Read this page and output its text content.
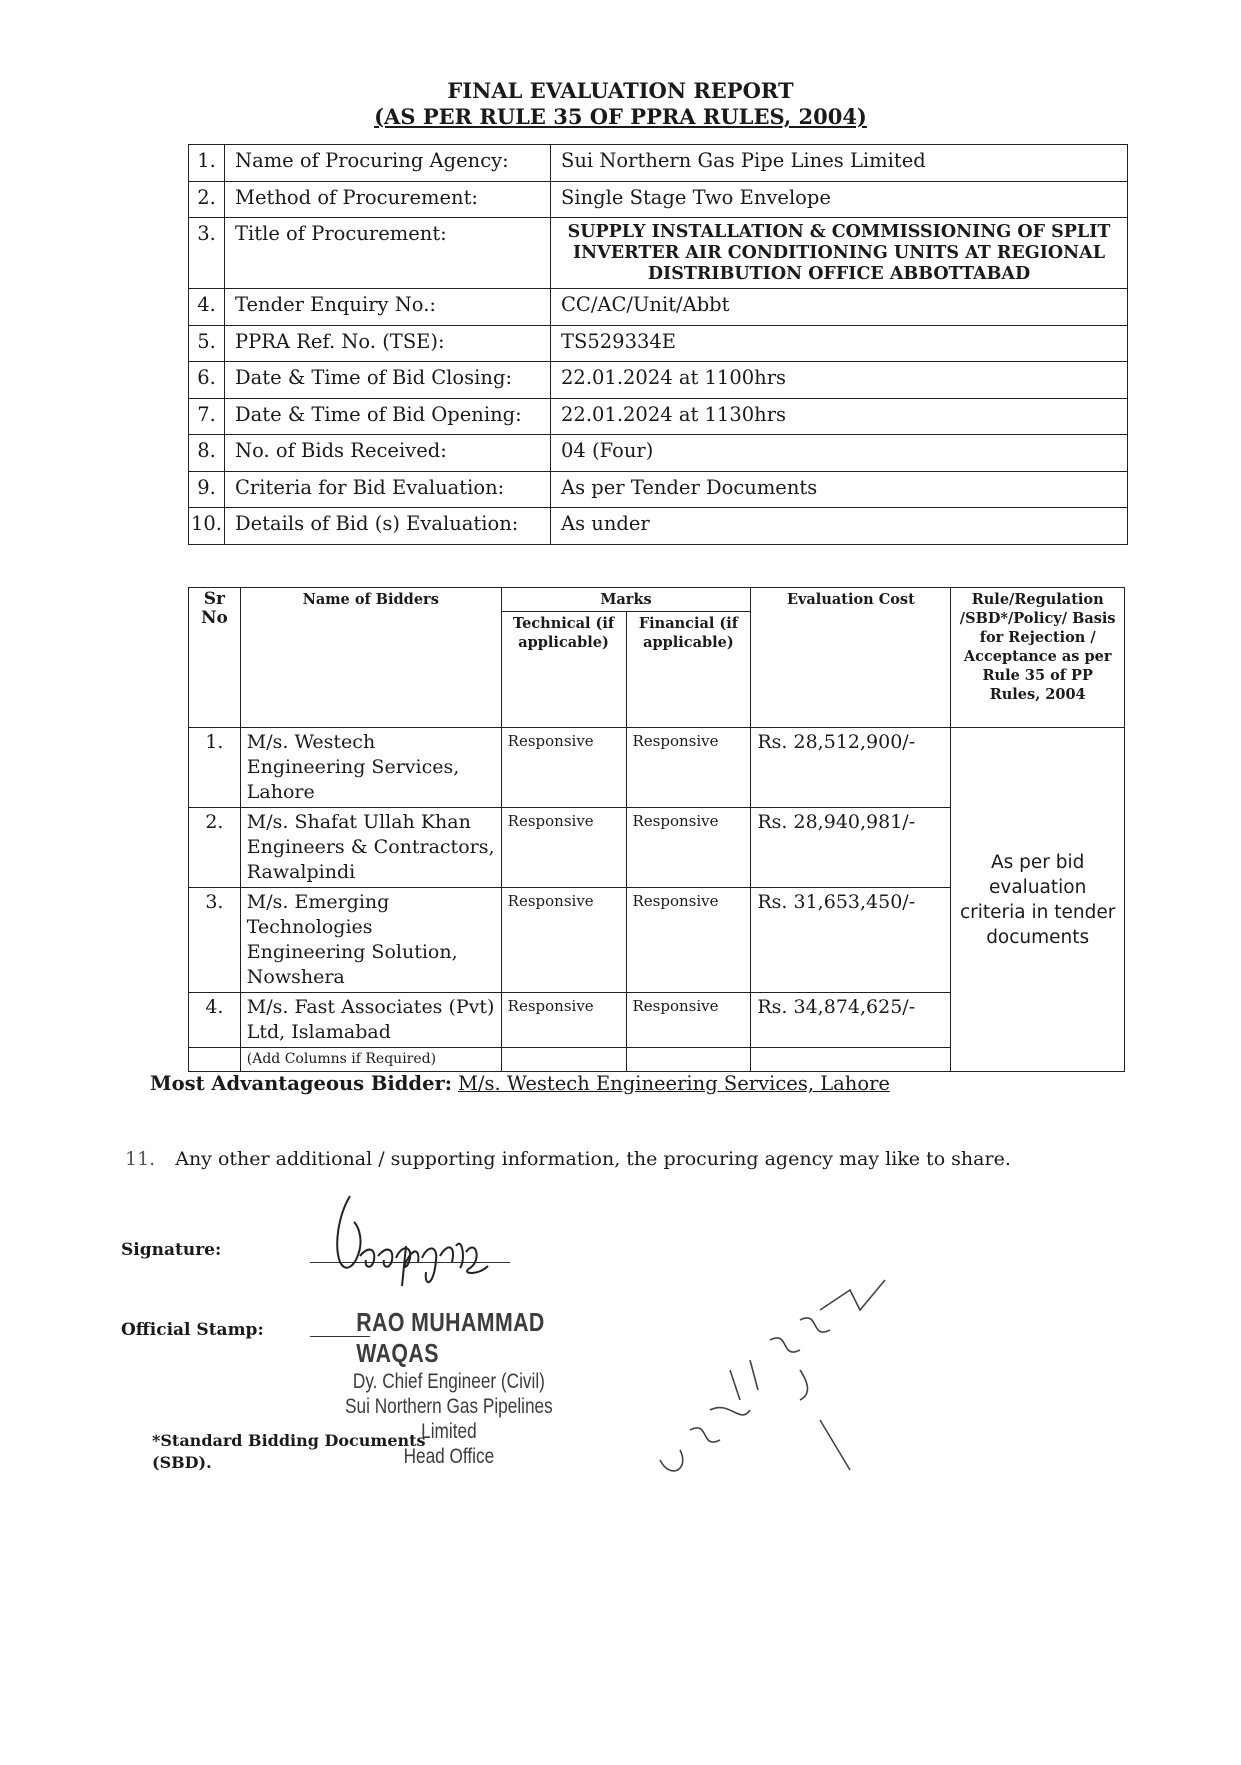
FINAL EVALUATION REPORT
(AS PER RULE 35 OF PPRA RULES, 2004)
1.	Name of Procuring Agency:	Sui Northern Gas Pipe Lines Limited
2.	Method of Procurement:	Single Stage Two Envelope
3.	Title of Procurement:	SUPPLY INSTALLATION & COMMISSIONING OF SPLIT INVERTER AIR CONDITIONING UNITS AT REGIONAL DISTRIBUTION OFFICE ABBOTTABAD

4.	Tender Enquiry No.:	CC/AC/Unit/Abbt
5.	PPRA Ref. No. (TSE):	TS529334E
6.	Date & Time of Bid Closing:	22.01.2024 at 1100hrs
7.	Date & Time of Bid Opening:	22.01.2024 at 1130hrs
8.	No. of Bids Received:	04 (Four)
9.	Criteria for Bid Evaluation:	As per Tender Documents
10.	Details of Bid (s) Evaluation:	As under
Sr No	Name of Bidders	Marks		Evaluation Cost	Rule/Regulation /SBD*/Policy/ Basis for Rejection / Acceptance as per Rule 35 of PP Rules, 2004
		Technical (if applicable)	Financial (if applicable)		
1.	M/s. Westech Engineering Services, Lahore	Responsive	Responsive	Rs. 28,512,900/-	As per bid evaluation criteria in tender documents
2.	M/s. Shafat Ullah Khan Engineers & Contractors, Rawalpindi	Responsive	Responsive	Rs. 28,940,981/-	
3.	M/s. Emerging Technologies Engineering Solution, Nowshera	Responsive	Responsive	Rs. 31,653,450/-	
4.	M/s. Fast Associates (Pvt) Ltd, Islamabad	Responsive	Responsive	Rs. 34,874,625/-	
	(Add Columns if Required)				
Most Advantageous Bidder: M/s. Westech Engineering Services, Lahore
11. Any other additional / supporting information, the procuring agency may like to share.
Signature:
Official Stamp:	RAO MUHAMMAD WAQAS
Dy. Chief Engineer (Civil)
Sui Northern Gas Pipelines Limited
Head Office
*Standard Bidding Documents
(SBD).
